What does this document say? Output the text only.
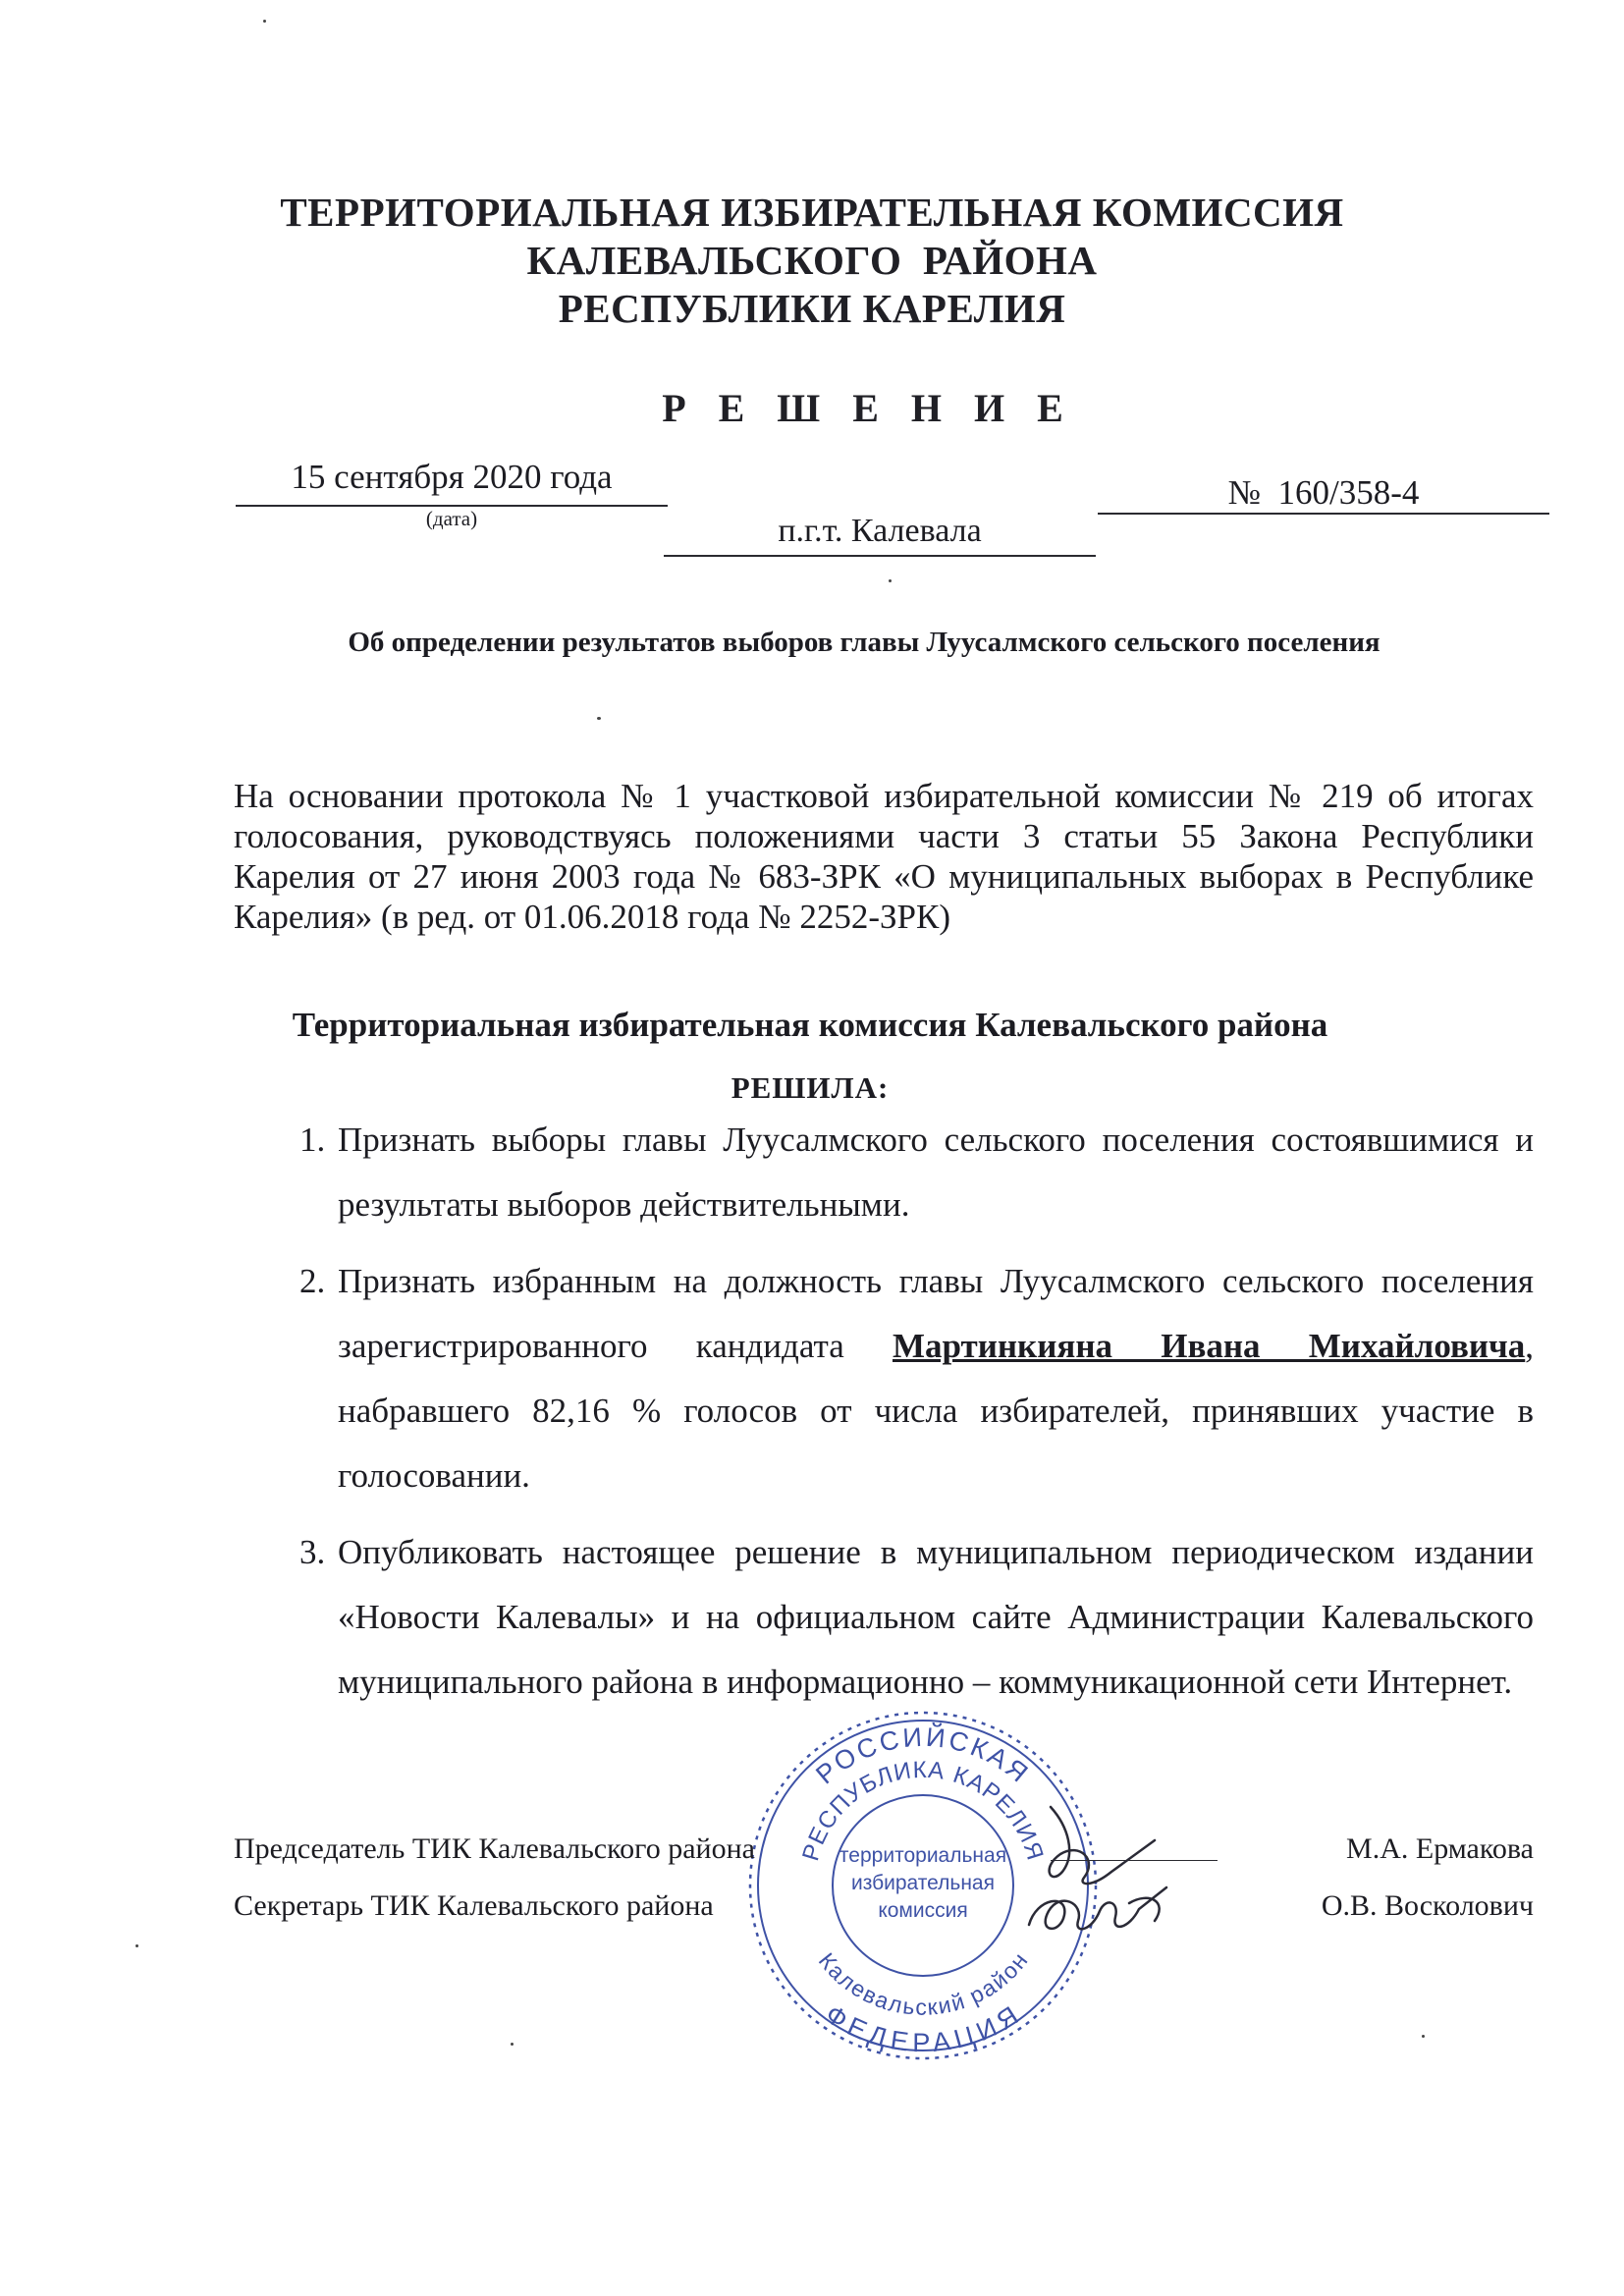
ТЕРРИТОРИАЛЬНАЯ ИЗБИРАТЕЛЬНАЯ КОМИССИЯ
КАЛЕВАЛЬСКОГО  РАЙОНА
РЕСПУБЛИКИ КАРЕЛИЯ
РЕШЕНИЕ
15 сентября 2020 года
(дата)
№  160/358-4
п.г.т. Калевала
Об определении результатов выборов главы Луусалмского сельского поселения
На основании протокола № 1 участковой избирательной комиссии № 219 об итогах голосования, руководствуясь положениями части 3 статьи 55 Закона Республики Карелия от 27 июня 2003 года № 683-ЗРК «О муниципальных выборах в Республике Карелия» (в ред. от 01.06.2018 года № 2252-ЗРК)
Территориальная избирательная комиссия Калевальского района
РЕШИЛА:
1. Признать выборы главы Луусалмского сельского поселения состоявшимися и результаты выборов действительными.
2. Признать избранным на должность главы Луусалмского сельского поселения зарегистрированного кандидата Мартинкияна Ивана Михайловича, набравшего 82,16 % голосов от числа избирателей, принявших участие в голосовании.
3. Опубликовать настоящее решение в муниципальном периодическом издании «Новости Калевалы» и на официальном сайте Администрации Калевальского муниципального района в информационно – коммуникационной сети Интернет.
РОССИЙСКАЯ
ФЕДЕРАЦИЯ
РЕСПУБЛИКА КАРЕЛИЯ
Калевальский район
территориальная
избирательная
комиссия
Председатель ТИК Калевальского района	М.А. Ермакова
Секретарь ТИК Калевальского района	О.В. Восколович
